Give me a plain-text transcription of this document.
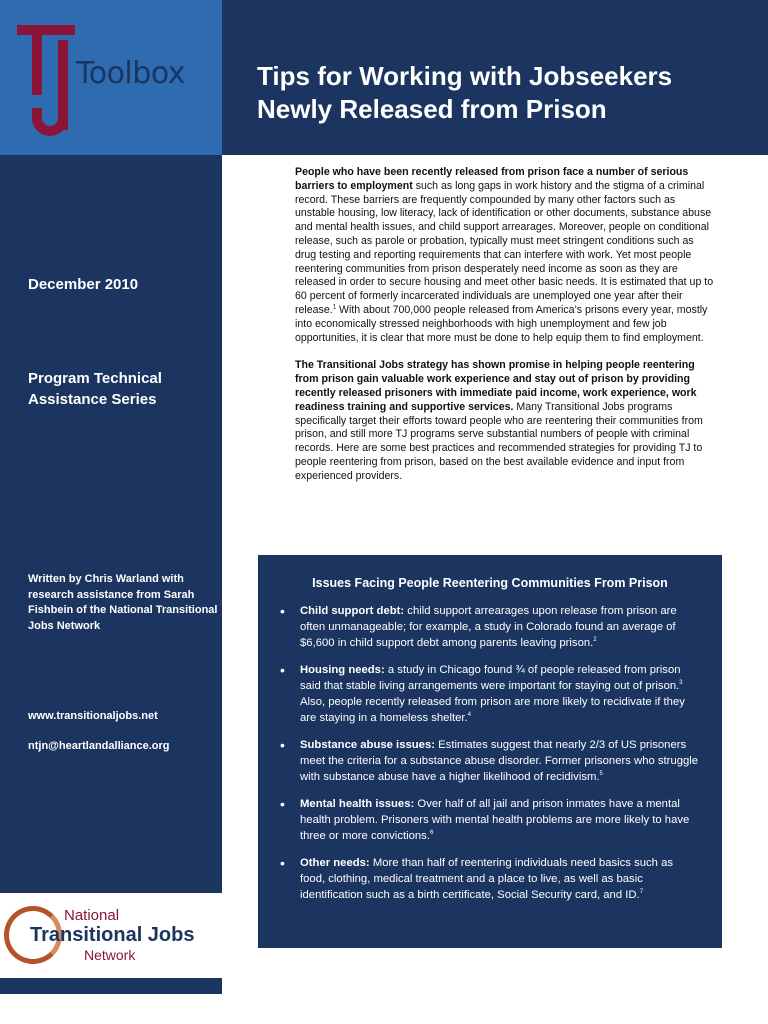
Toolbox	Tips for Working with Jobseekers
Newly Released from Prison
December 2010
Program Technical
Assistance Series
Written by Chris Warland with research assistance from Sarah Fishbein of the National Transitional Jobs Network
www.transitionaljobs.net
ntjn@heartlandalliance.org
National
Transitional Jobs
Network

People who have been recently released from prison face a number of serious barriers to employment such as long gaps in work history and the stigma of a criminal record. These barriers are frequently compounded by many other factors such as unstable housing, low literacy, lack of identification or other documents, substance abuse and mental health issues, and child support arrearages. Moreover, people on conditional release, such as parole or probation, typically must meet stringent conditions such as drug testing and reporting requirements that can interfere with work. Yet most people reentering communities from prison desperately need income as soon as they are released in order to secure housing and meet other basic needs. It is estimated that up to 60 percent of formerly incarcerated individuals are unemployed one year after their release.$^1$ With about 700,000 people released from America’s prisons every year, mostly into economically stressed neighborhoods with high unemployment and few job opportunities, it is clear that more must be done to help equip them to find employment.

The Transitional Jobs strategy has shown promise in helping people reentering from prison gain valuable work experience and stay out of prison by providing recently released prisoners with immediate paid income, work experience, work readiness training and supportive services. Many Transitional Jobs programs specifically target their efforts toward people who are reentering their communities from prison, and still more TJ programs serve substantial numbers of people with criminal records. Here are some best practices and recommended strategies for providing TJ to people reentering from prison, based on the best available evidence and input from experienced providers.

Issues Facing People Reentering Communities From Prison
• Child support debt: child support arrearages upon release from prison are often unmanageable; for example, a study in Colorado found an average of $6,600 in child support debt among parents leaving prison.$^2$
• Housing needs: a study in Chicago found ¾ of people released from prison said that stable living arrangements were important for staying out of prison.$^3$ Also, people recently released from prison are more likely to recidivate if they are staying in a homeless shelter.$^4$
• Substance abuse issues: Estimates suggest that nearly 2/3 of US prisoners meet the criteria for a substance abuse disorder. Former prisoners who struggle with substance abuse have a higher likelihood of recidivism.$^5$
• Mental health issues: Over half of all jail and prison inmates have a mental health problem. Prisoners with mental health problems are more likely to have three or more convictions.$^6$
• Other needs: More than half of reentering individuals need basics such as food, clothing, medical treatment and a place to live, as well as basic identification such as a birth certificate, Social Security card, and ID.$^7$
